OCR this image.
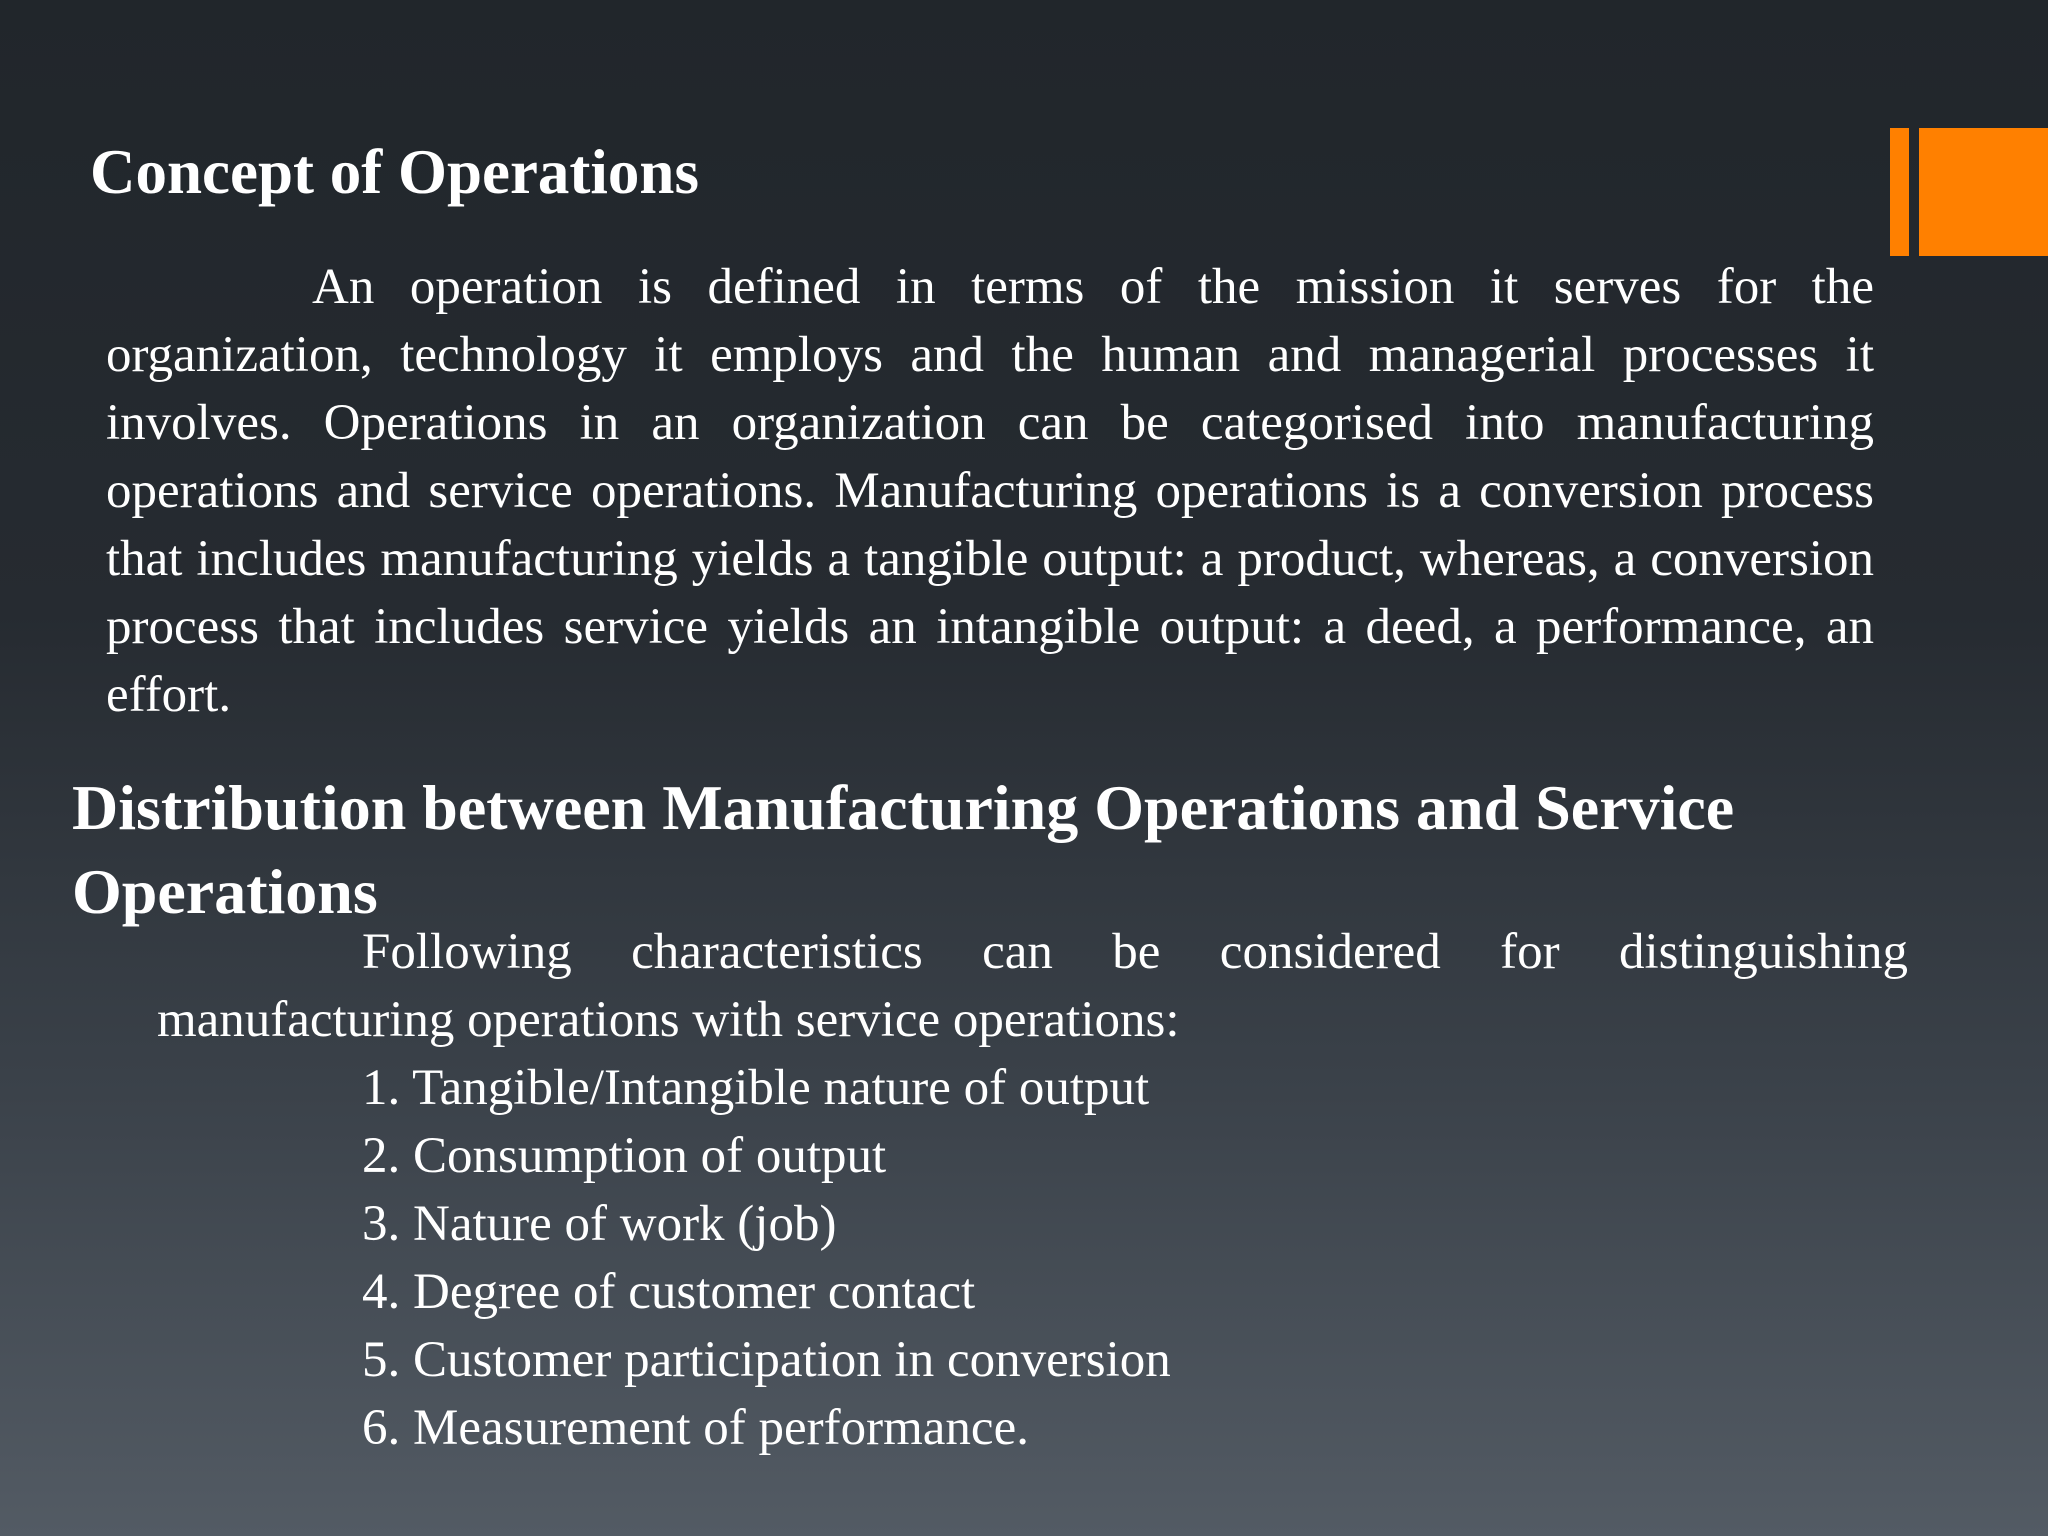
Concept of Operations

An operation is defined in terms of the mission it serves for the organization, technology it employs and the human and managerial processes it involves. Operations in an organization can be categorised into manufacturing operations and service operations. Manufacturing operations is a conversion process that includes manufacturing yields a tangible output: a product, whereas, a conversion process that includes service yields an intangible output: a deed, a performance, an effort.

Distribution between Manufacturing Operations and Service Operations

Following characteristics can be considered for distinguishing manufacturing operations with service operations:

1. Tangible/Intangible nature of output
2. Consumption of output
3. Nature of work (job)
4. Degree of customer contact
5. Customer participation in conversion
6. Measurement of performance.
